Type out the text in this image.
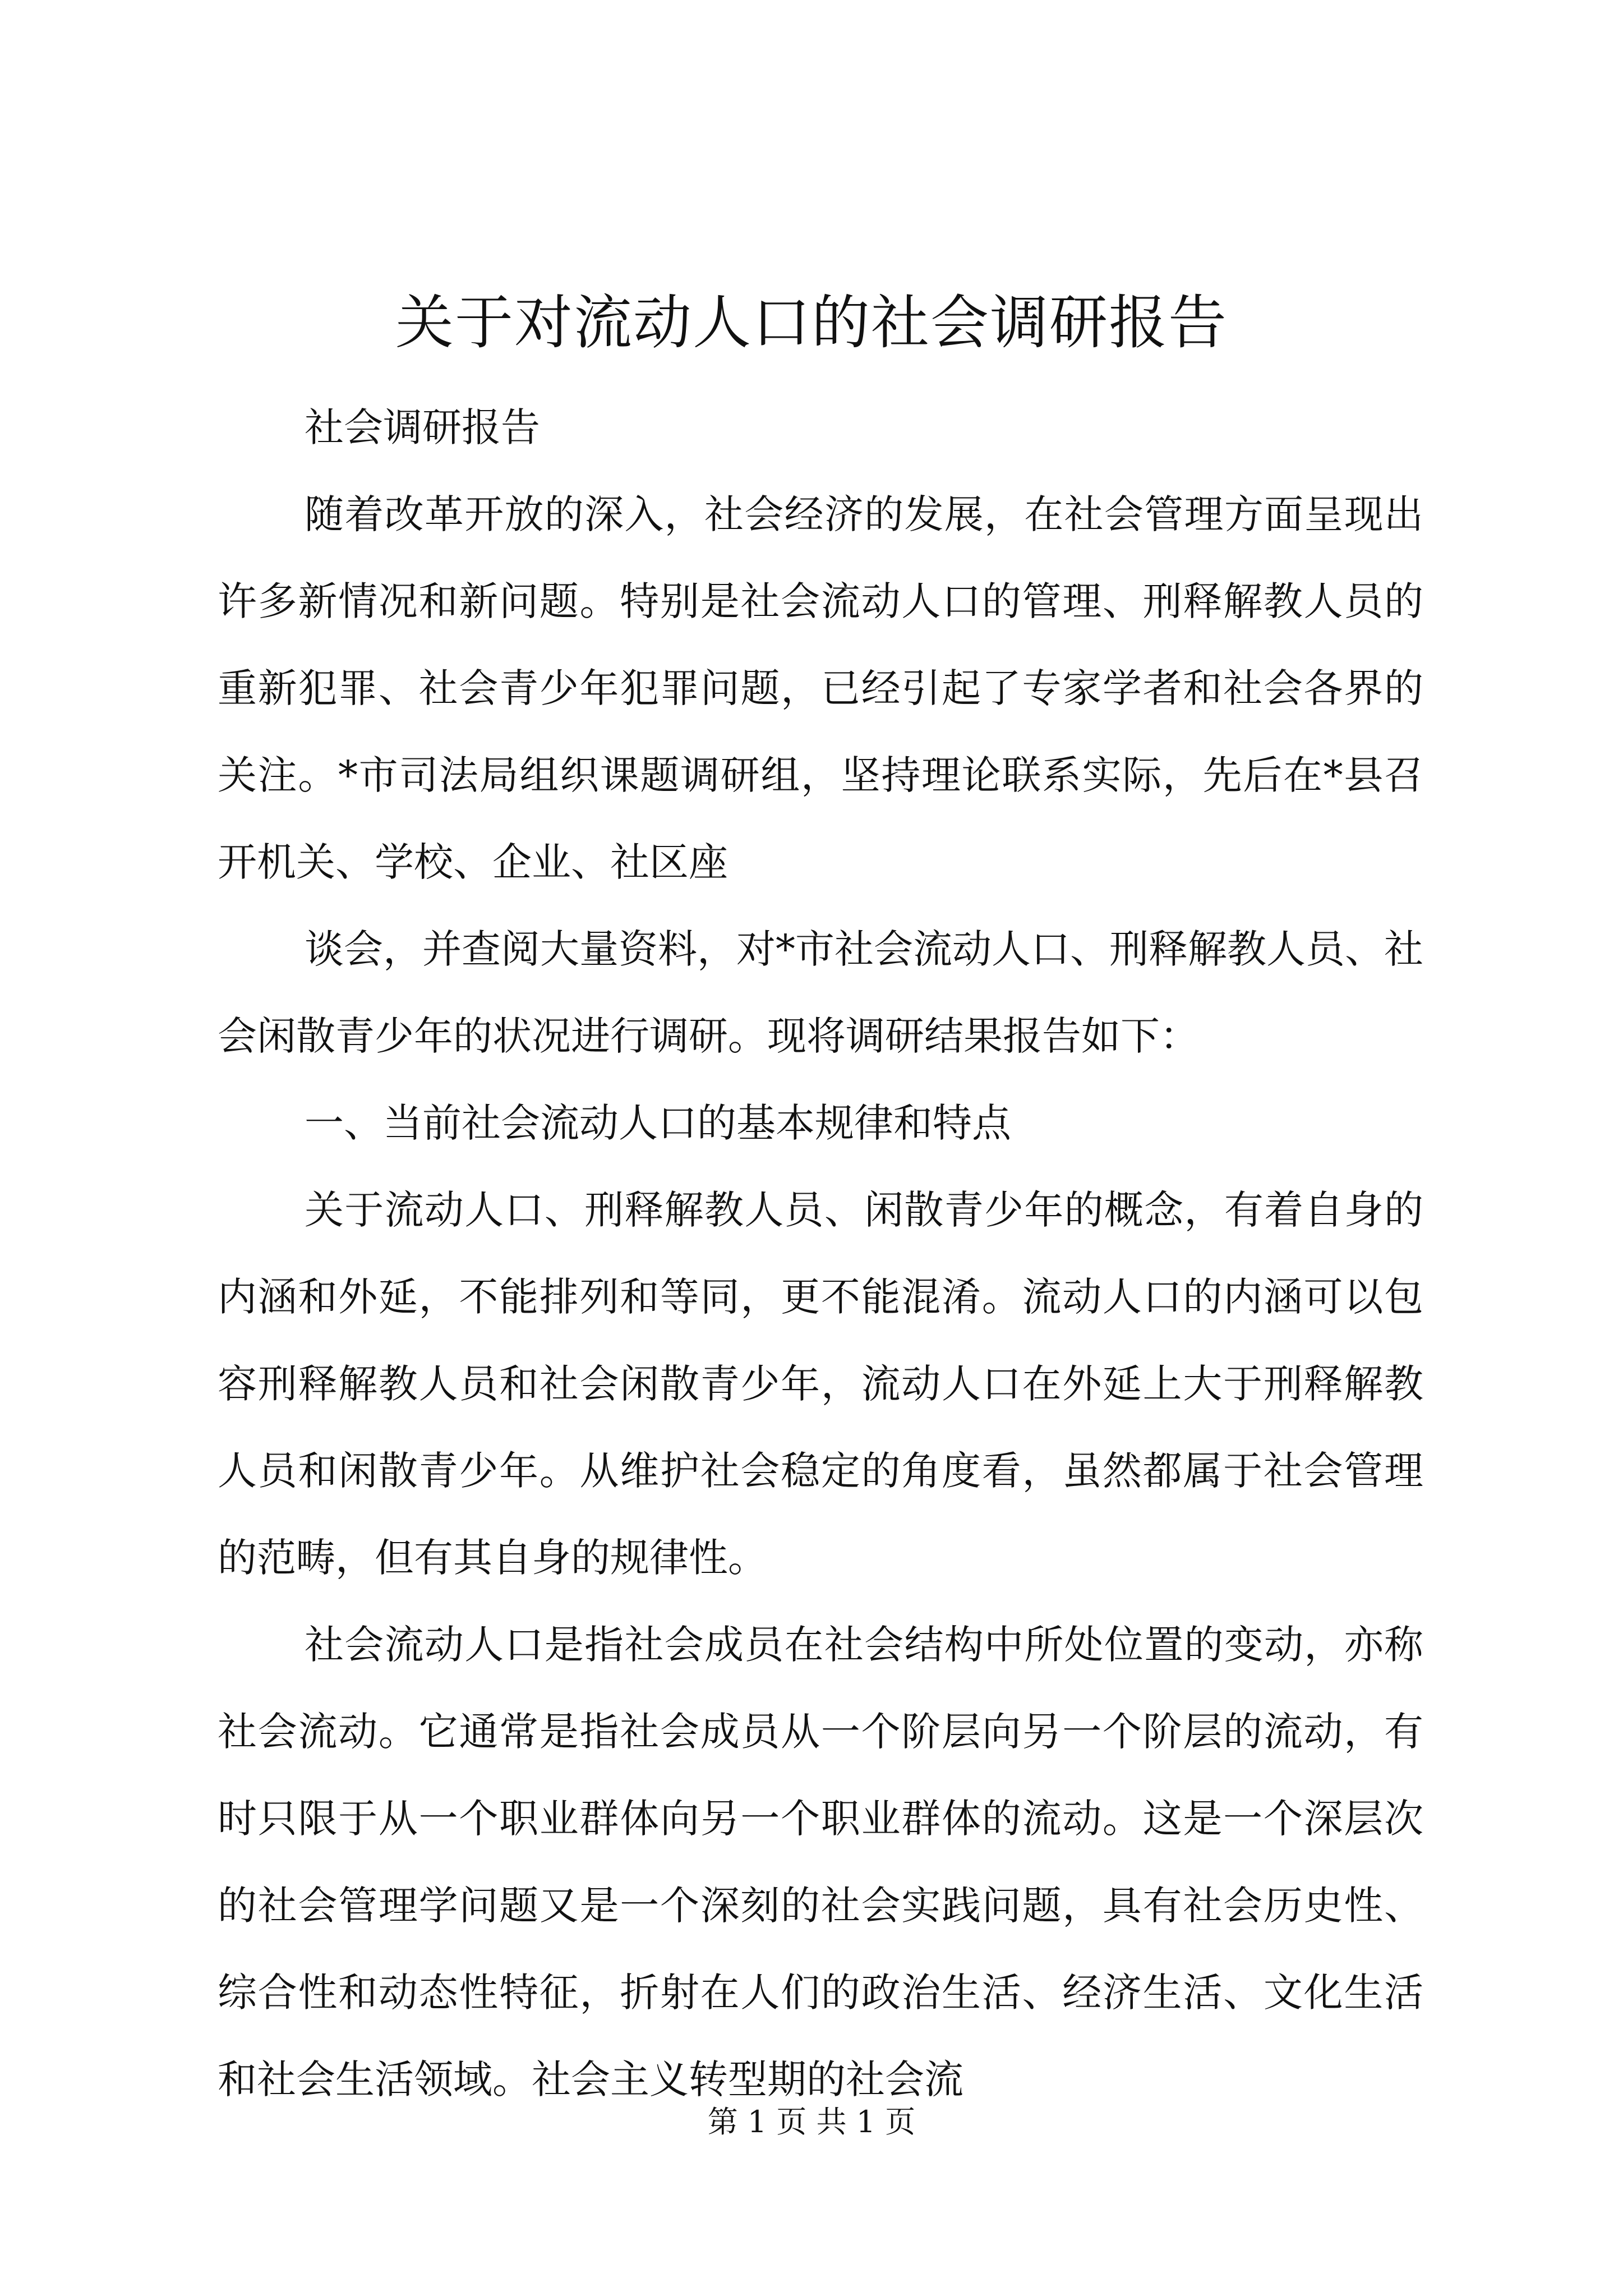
关于对流动人口的社会调研报告

社会调研报告

随着改革开放的深入，社会经济的发展，在社会管理方面呈现出许多新情况和新问题。特别是社会流动人口的管理、刑释解教人员的重新犯罪、社会青少年犯罪问题，已经引起了专家学者和社会各界的关注。*市司法局组织课题调研组，坚持理论联系实际，先后在*县召开机关、学校、企业、社区座

谈会，并查阅大量资料，对*市社会流动人口、刑释解教人员、社会闲散青少年的状况进行调研。现将调研结果报告如下：

一、当前社会流动人口的基本规律和特点

关于流动人口、刑释解教人员、闲散青少年的概念，有着自身的内涵和外延，不能排列和等同，更不能混淆。流动人口的内涵可以包容刑释解教人员和社会闲散青少年，流动人口在外延上大于刑释解教人员和闲散青少年。从维护社会稳定的角度看，虽然都属于社会管理的范畴，但有其自身的规律性。

社会流动人口是指社会成员在社会结构中所处位置的变动，亦称社会流动。它通常是指社会成员从一个阶层向另一个阶层的流动，有时只限于从一个职业群体向另一个职业群体的流动。这是一个深层次的社会管理学问题又是一个深刻的社会实践问题，具有社会历史性、综合性和动态性特征，折射在人们的政治生活、经济生活、文化生活和社会生活领域。社会主义转型期的社会流

第 1 页 共 1 页
